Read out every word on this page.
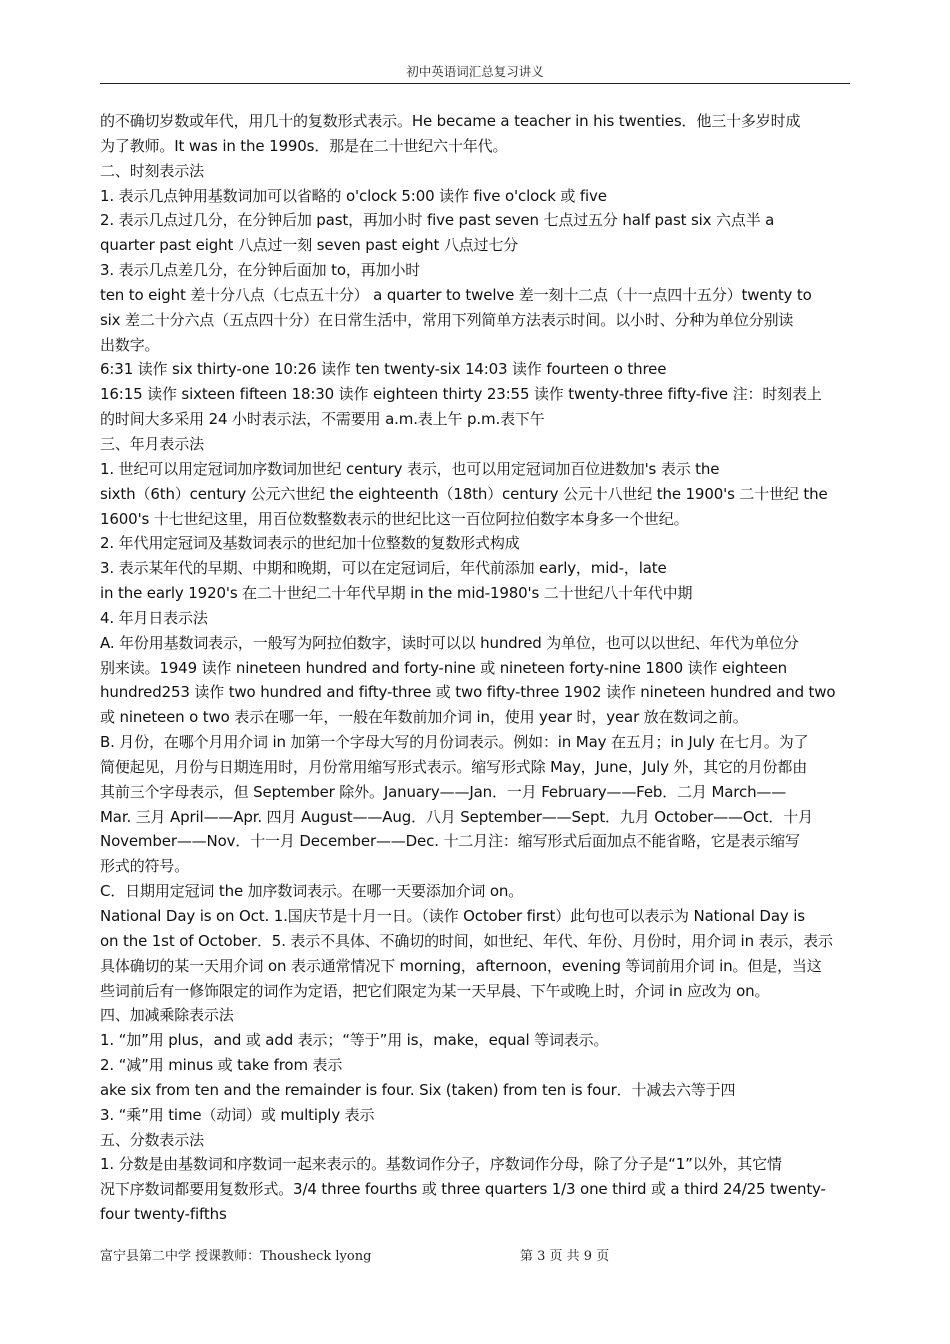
初中英语词汇总复习讲义
的不确切岁数或年代，用几十的复数形式表示。He became a teacher in his twenties．他三十多岁时成
为了教师。It was in the 1990s．那是在二十世纪六十年代。
二、时刻表示法
1. 表示几点钟用基数词加可以省略的 o'clock 5:00 读作 five o'clock 或 five
2. 表示几点过几分，在分钟后加 past，再加小时 five past seven 七点过五分 half past six 六点半 a
quarter past eight 八点过一刻 seven past eight 八点过七分
3. 表示几点差几分，在分钟后面加 to，再加小时
ten to eight 差十分八点（七点五十分） a quarter to twelve 差一刻十二点（十一点四十五分）twenty to
six 差二十分六点（五点四十分）在日常生活中，常用下列简单方法表示时间。以小时、分种为单位分别读
出数字。
6:31 读作 six thirty-one 10:26 读作 ten twenty-six 14:03 读作 fourteen o three
16:15 读作 sixteen fifteen 18:30 读作 eighteen thirty 23:55 读作 twenty-three fifty-five 注：时刻表上
的时间大多采用 24 小时表示法，不需要用 a.m.表上午 p.m.表下午
三、年月表示法
1. 世纪可以用定冠词加序数词加世纪 century 表示，也可以用定冠词加百位进数加's 表示 the
sixth（6th）century 公元六世纪 the eighteenth（18th）century 公元十八世纪 the 1900's 二十世纪 the
1600's 十七世纪这里，用百位数整数表示的世纪比这一百位阿拉伯数字本身多一个世纪。
2. 年代用定冠词及基数词表示的世纪加十位整数的复数形式构成
3. 表示某年代的早期、中期和晚期，可以在定冠词后，年代前添加 early，mid-，late
in the early 1920's 在二十世纪二十年代早期 in the mid-1980's 二十世纪八十年代中期
4. 年月日表示法
A. 年份用基数词表示，一般写为阿拉伯数字，读时可以以 hundred 为单位，也可以以世纪、年代为单位分
别来读。1949 读作 nineteen hundred and forty-nine 或 nineteen forty-nine 1800 读作 eighteen
hundred253 读作 two hundred and fifty-three 或 two fifty-three 1902 读作 nineteen hundred and two
或 nineteen o two 表示在哪一年，一般在年数前加介词 in，使用 year 时，year 放在数词之前。
B. 月份，在哪个月用介词 in 加第一个字母大写的月份词表示。例如：in May 在五月；in July 在七月。为了
简便起见，月份与日期连用时，月份常用缩写形式表示。缩写形式除 May，June，July 外，其它的月份都由
其前三个字母表示，但 September 除外。January——Jan．一月 February——Feb．二月 March——
Mar. 三月 April——Apr. 四月 August——Aug．八月 September——Sept．九月 October——Oct．十月
November——Nov．十一月 December——Dec. 十二月注：缩写形式后面加点不能省略，它是表示缩写
形式的符号。
C．日期用定冠词 the 加序数词表示。在哪一天要添加介词 on。
National Day is on Oct. 1.国庆节是十月一日。（读作 October first）此句也可以表示为 National Day is
on the 1st of October．5. 表示不具体、不确切的时间，如世纪、年代、年份、月份时，用介词 in 表示，表示
具体确切的某一天用介词 on 表示通常情况下 morning，afternoon，evening 等词前用介词 in。但是，当这
些词前后有一修饰限定的词作为定语，把它们限定为某一天早晨、下午或晚上时，介词 in 应改为 on。
四、加减乘除表示法
1. “加”用 plus，and 或 add 表示；“等于”用 is，make，equal 等词表示。
2. “减”用 minus 或 take from 表示
ake six from ten and the remainder is four. Six (taken) from ten is four．十减去六等于四
3. “乘”用 time（动词）或 multiply 表示
五、分数表示法
1. 分数是由基数词和序数词一起来表示的。基数词作分子，序数词作分母，除了分子是“1”以外，其它情
况下序数词都要用复数形式。3/4 three fourths 或 three quarters 1/3 one third 或 a third 24/25 twenty-
four twenty-fifths
富宁县第二中学 授课教师：Thousheck lyong	第 3 页 共 9 页
